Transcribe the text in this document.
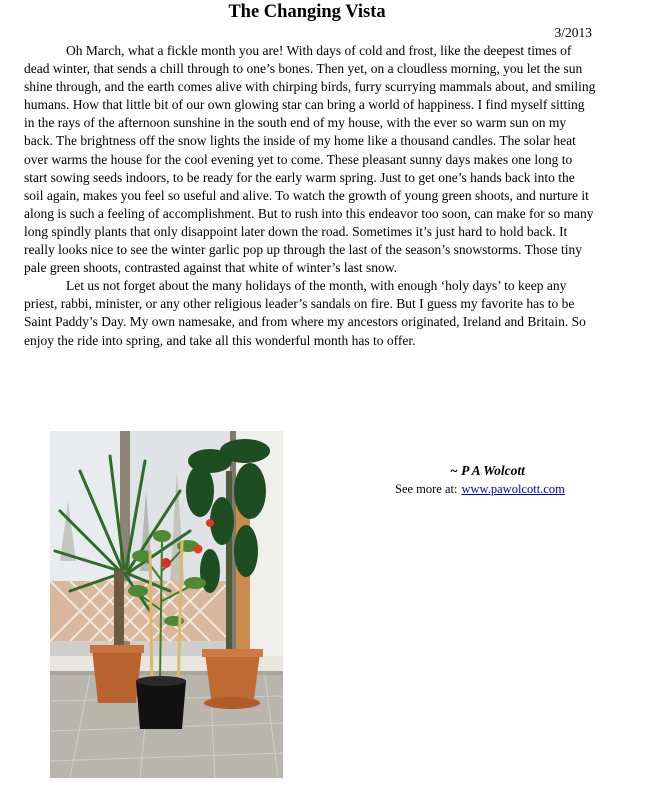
The Changing Vista
3/2013

Oh March, what a fickle month you are! With days of cold and frost, like the deepest times of dead winter, that sends a chill through to one’s bones. Then yet, on a cloudless morning, you let the sun shine through, and the earth comes alive with chirping birds, furry scurrying mammals about, and smiling humans. How that little bit of our own glowing star can bring a world of happiness. I find myself sitting in the rays of the afternoon sunshine in the south end of my house, with the ever so warm sun on my back. The brightness off the snow lights the inside of my home like a thousand candles. The solar heat over warms the house for the cool evening yet to come. These pleasant sunny days makes one long to start sowing seeds indoors, to be ready for the early warm spring. Just to get one’s hands back into the soil again, makes you feel so useful and alive. To watch the growth of young green shoots, and nurture it along is such a feeling of accomplishment. But to rush into this endeavor too soon, can make for so many long spindly plants that only disappoint later down the road. Sometimes it’s just hard to hold back. It really looks nice to see the winter garlic pop up through the last of the season’s snowstorms. Those tiny pale green shoots, contrasted against that white of winter’s last snow.

Let us not forget about the many holidays of the month, with enough ‘holy days’ to keep any priest, rabbi, minister, or any other religious leader’s sandals on fire. But I guess my favorite has to be Saint Paddy’s Day. My own namesake, and from where my ancestors originated, Ireland and Britain. So enjoy the ride into spring, and take all this wonderful month has to offer.

~ P A Wolcott
See more at: www.pawolcott.com
